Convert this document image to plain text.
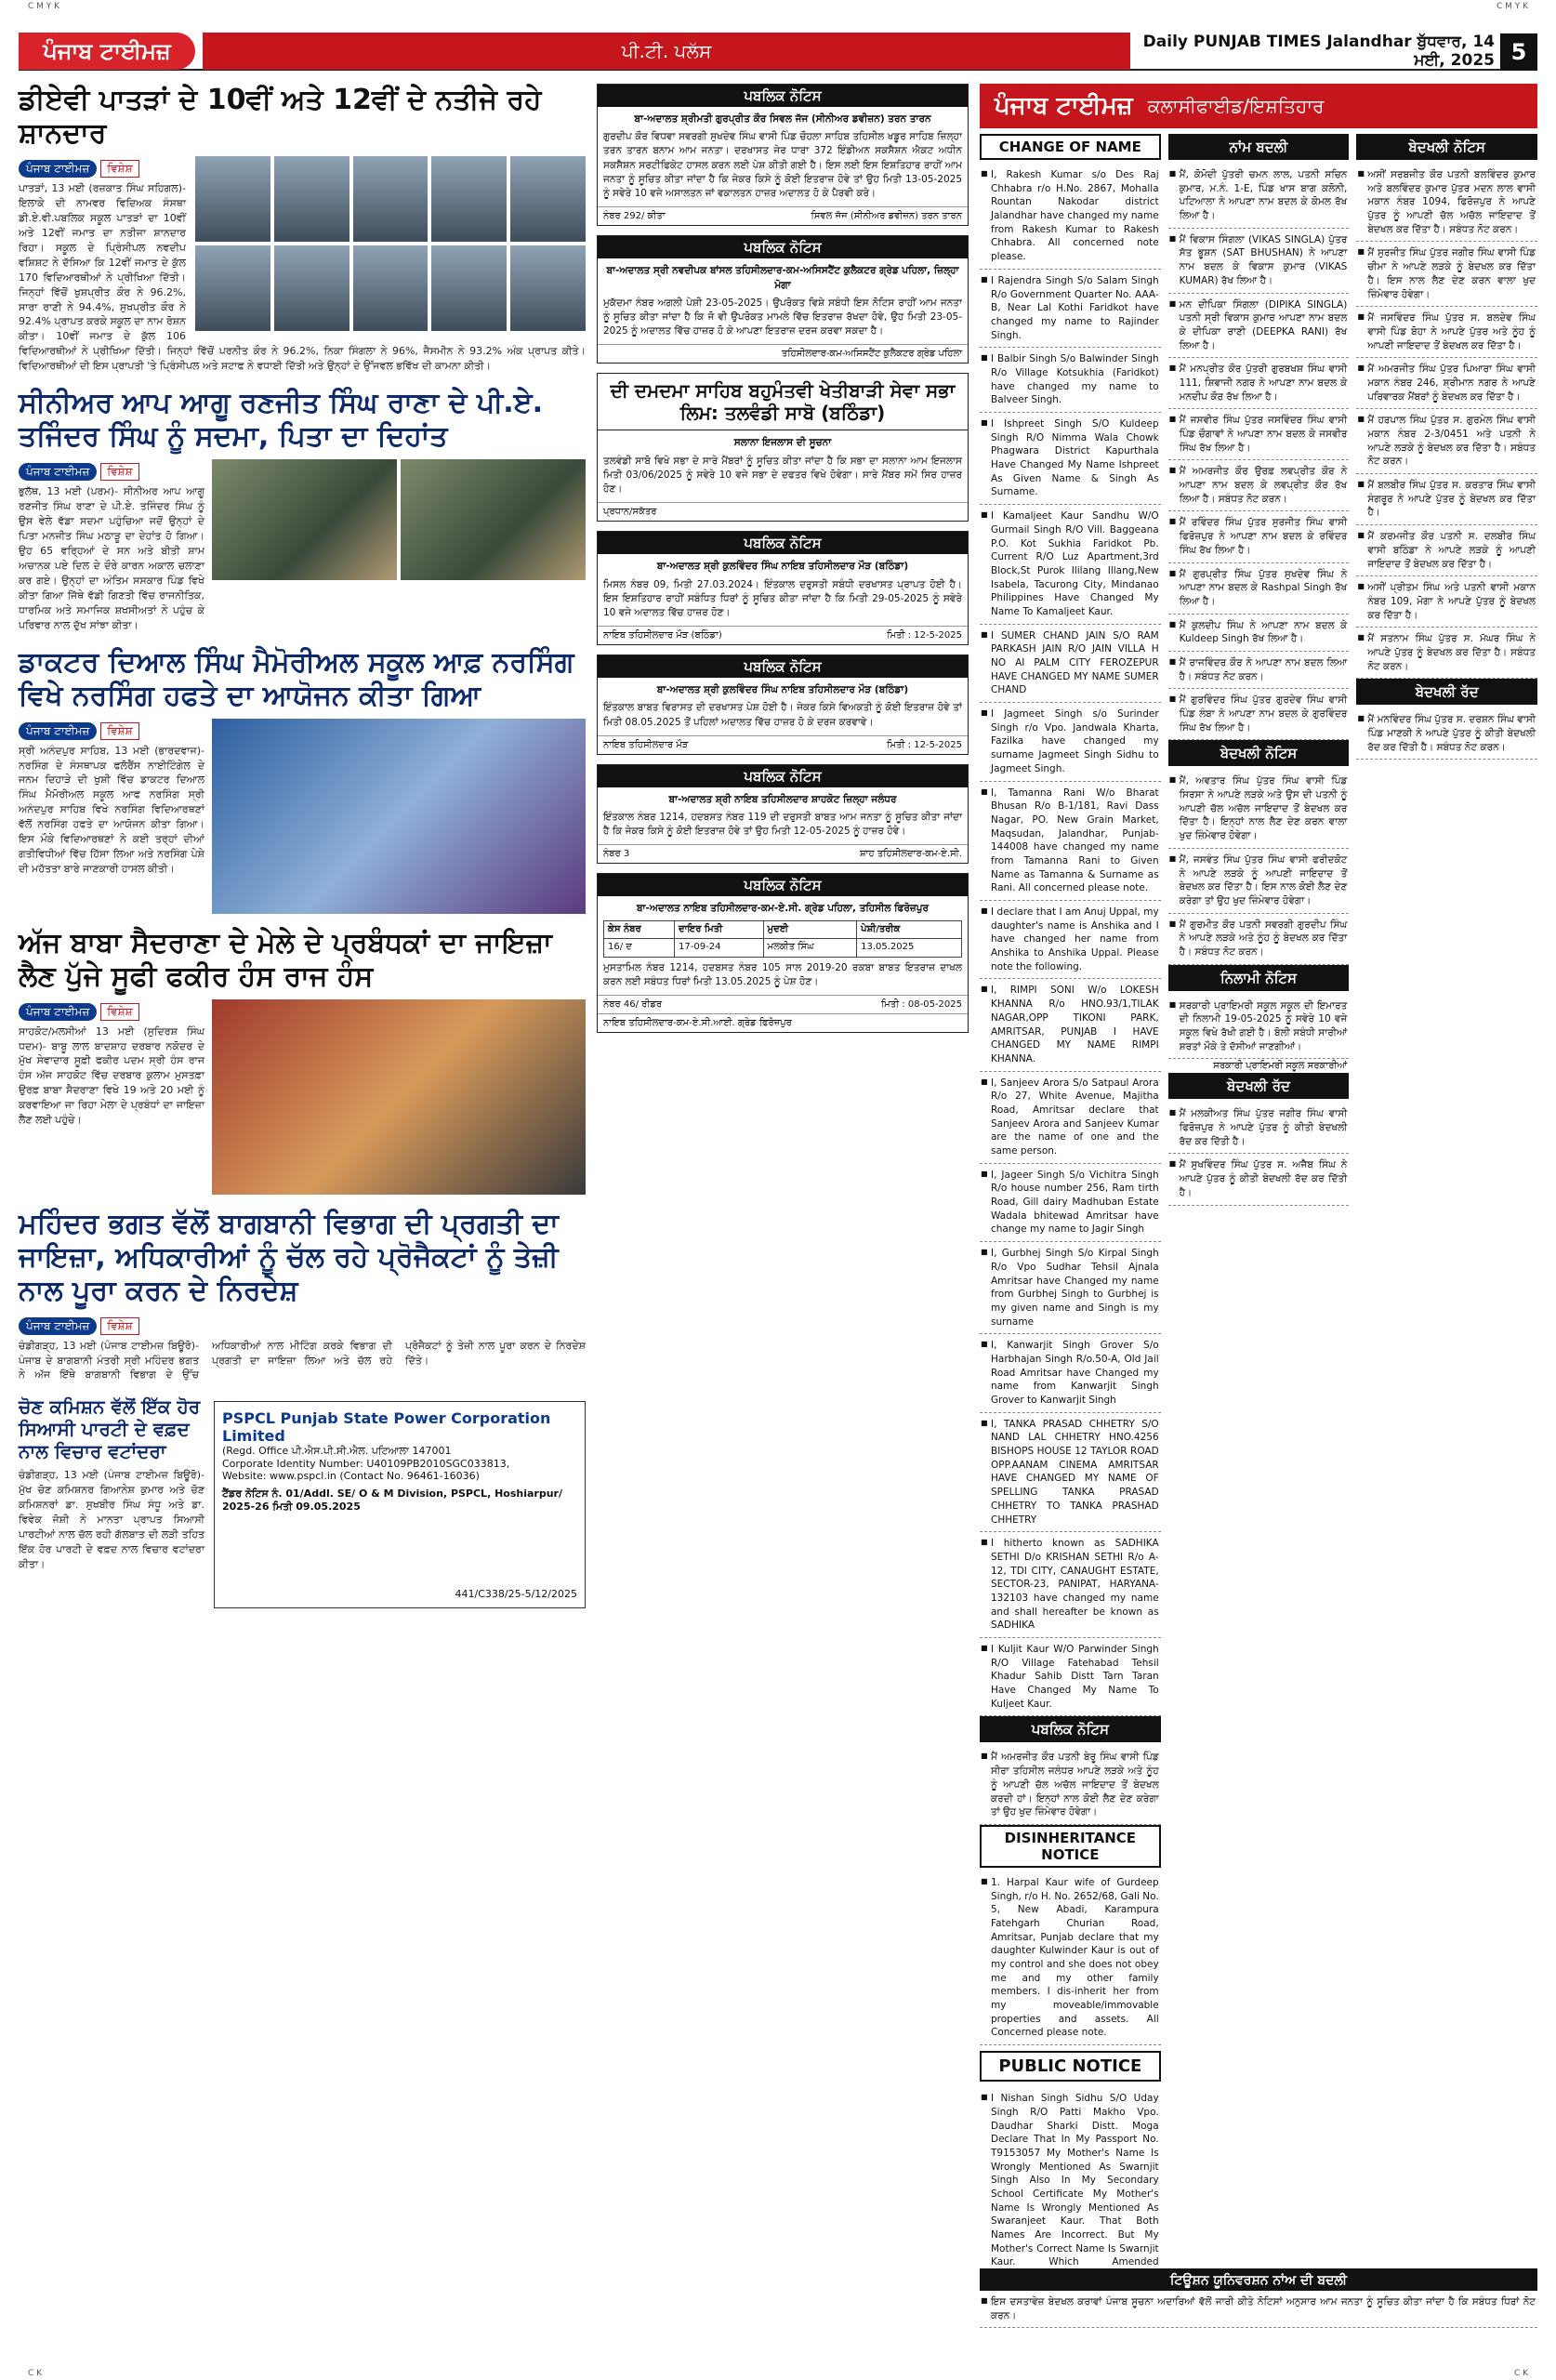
C M Y K	C M Y K
ਪੰਜਾਬ ਟਾਈਮਜ਼	ਪੀ.ਟੀ. ਪਲੱਸ	Daily PUNJAB TIMES Jalandhar ਬੁੱਧਵਾਰ, 14 ਮਈ, 2025 5
ਡੀਏਵੀ ਪਾਤੜਾਂ ਦੇ 10ਵੀਂ ਅਤੇ 12ਵੀਂ ਦੇ ਨਤੀਜੇ ਰਹੇ ਸ਼ਾਨਦਾਰ
ਪੰਜਾਬ ਟਾਈਮਜ਼	ਵਿਸ਼ੇਸ਼
ਪਾਤੜਾਂ, 13 ਮਈ (ਰਜ਼ਕਾਤ ਸਿੰਘ ਸਹਿਗਲ)- ਇਲਾਕੇ ਦੀ ਨਾਮਵਰ ਵਿਦਿਅਕ ਸੰਸਥਾ ਡੀ.ਏ.ਵੀ.ਪਬਲਿਕ ਸਕੂਲ ਪਾਤੜਾਂ ਦਾ 10ਵੀਂ ਅਤੇ 12ਵੀਂ ਜਮਾਤ ਦਾ ਨਤੀਜਾ ਸ਼ਾਨਦਾਰ ਰਿਹਾ। ਸਕੂਲ ਦੇ ਪ੍ਰਿੰਸੀਪਲ ਨਵਦੀਪ ਵਸ਼ਿਸ਼ਟ ਨੇ ਦੱਸਿਆ ਕਿ 12ਵੀਂ ਜਮਾਤ ਦੇ ਕੁੱਲ 170 ਵਿਦਿਆਰਥੀਆਂ ਨੇ ਪ੍ਰੀਖਿਆ ਦਿੱਤੀ। ਜਿਨ੍ਹਾਂ ਵਿੱਚੋਂ ਖੁਸ਼ਪ੍ਰੀਤ ਕੌਰ ਨੇ 96.2%, ਸਾਰਾ ਰਾਣੀ ਨੇ 94.4%, ਸੁਖਪ੍ਰੀਤ ਕੌਰ ਨੇ 92.4% ਪ੍ਰਾਪਤ ਕਰਕੇ ਸਕੂਲ ਦਾ ਨਾਮ ਰੋਸ਼ਨ ਕੀਤਾ। 10ਵੀਂ ਜਮਾਤ ਦੇ ਕੁੱਲ 106 ਵਿਦਿਆਰਥੀਆਂ ਨੇ ਪ੍ਰੀਖਿਆ ਦਿੱਤੀ। ਜਿਨ੍ਹਾਂ ਵਿੱਚੋਂ ਪਰਨੀਤ ਕੌਰ ਨੇ 96.2%, ਨਿਕਾ ਸਿੰਗਲਾ ਨੇ 96%, ਜੈਸਮੀਨ ਨੇ 93.2% ਅੰਕ ਪ੍ਰਾਪਤ ਕੀਤੇ। ਵਿਦਿਆਰਥੀਆਂ ਦੀ ਇਸ ਪ੍ਰਾਪਤੀ 'ਤੇ ਪ੍ਰਿੰਸੀਪਲ ਅਤੇ ਸਟਾਫ ਨੇ ਵਧਾਈ ਦਿੱਤੀ ਅਤੇ ਉਨ੍ਹਾਂ ਦੇ ਉੱਜਵਲ ਭਵਿੱਖ ਦੀ ਕਾਮਨਾ ਕੀਤੀ।
ਸੀਨੀਅਰ ਆਪ ਆਗੂ ਰਣਜੀਤ ਸਿੰਘ ਰਾਣਾ ਦੇ ਪੀ.ਏ. ਤਜਿੰਦਰ ਸਿੰਘ ਨੂੰ ਸਦਮਾ, ਪਿਤਾ ਦਾ ਦਿਹਾਂਤ
ਪੰਜਾਬ ਟਾਈਮਜ਼	ਵਿਸ਼ੇਸ਼
ਭੁਲੱਥ, 13 ਮਈ (ਪਰਮ)- ਸੀਨੀਅਰ ਆਪ ਆਗੂ ਰਣਜੀਤ ਸਿੰਘ ਰਾਣਾ ਦੇ ਪੀ.ਏ. ਤਜਿੰਦਰ ਸਿੰਘ ਨੂੰ ਉਸ ਵੇਲੇ ਵੱਡਾ ਸਦਮਾ ਪਹੁੰਚਿਆ ਜਦੋਂ ਉਨ੍ਹਾਂ ਦੇ ਪਿਤਾ ਮਨਜੀਤ ਸਿੰਘ ਮਠਾੜੂ ਦਾ ਦੇਹਾਂਤ ਹੋ ਗਿਆ। ਉਹ 65 ਵਰ੍ਹਿਆਂ ਦੇ ਸਨ ਅਤੇ ਬੀਤੀ ਸ਼ਾਮ ਅਚਾਨਕ ਪਏ ਦਿਲ ਦੇ ਦੌਰੇ ਕਾਰਨ ਅਕਾਲ ਚਲਾਣਾ ਕਰ ਗਏ। ਉਨ੍ਹਾਂ ਦਾ ਅੰਤਿਮ ਸਸਕਾਰ ਪਿੰਡ ਵਿਖੇ ਕੀਤਾ ਗਿਆ ਜਿੱਥੇ ਵੱਡੀ ਗਿਣਤੀ ਵਿੱਚ ਰਾਜਨੀਤਿਕ, ਧਾਰਮਿਕ ਅਤੇ ਸਮਾਜਿਕ ਸ਼ਖਸੀਅਤਾਂ ਨੇ ਪਹੁੰਚ ਕੇ ਪਰਿਵਾਰ ਨਾਲ ਦੁੱਖ ਸਾਂਝਾ ਕੀਤਾ।
ਡਾਕਟਰ ਦਿਆਲ ਸਿੰਘ ਮੈਮੋਰੀਅਲ ਸਕੂਲ ਆਫ਼ ਨਰਸਿੰਗ ਵਿਖੇ ਨਰਸਿੰਗ ਹਫਤੇ ਦਾ ਆਯੋਜਨ ਕੀਤਾ ਗਿਆ
ਪੰਜਾਬ ਟਾਈਮਜ਼	ਵਿਸ਼ੇਸ਼
ਸ੍ਰੀ ਅਨੰਦਪੁਰ ਸਾਹਿਬ, 13 ਮਈ (ਭਾਰਦਵਾਜ)- ਨਰਸਿੰਗ ਦੇ ਸੰਸਥਾਪਕ ਫਲੋਰੈਂਸ ਨਾਈਟਿੰਗੇਲ ਦੇ ਜਨਮ ਦਿਹਾੜੇ ਦੀ ਖੁਸ਼ੀ ਵਿੱਚ ਡਾਕਟਰ ਦਿਆਲ ਸਿੰਘ ਮੈਮੋਰੀਅਲ ਸਕੂਲ ਆਫ ਨਰਸਿੰਗ ਸ੍ਰੀ ਅਨੰਦਪੁਰ ਸਾਹਿਬ ਵਿਖੇ ਨਰਸਿੰਗ ਵਿਦਿਆਰਥਣਾਂ ਵੱਲੋਂ ਨਰਸਿੰਗ ਹਫਤੇ ਦਾ ਆਯੋਜਨ ਕੀਤਾ ਗਿਆ। ਇਸ ਮੌਕੇ ਵਿਦਿਆਰਥਣਾਂ ਨੇ ਕਈ ਤਰ੍ਹਾਂ ਦੀਆਂ ਗਤੀਵਿਧੀਆਂ ਵਿੱਚ ਹਿੱਸਾ ਲਿਆ ਅਤੇ ਨਰਸਿੰਗ ਪੇਸ਼ੇ ਦੀ ਮਹੱਤਤਾ ਬਾਰੇ ਜਾਣਕਾਰੀ ਹਾਸਲ ਕੀਤੀ।
ਅੱਜ ਬਾਬਾ ਸੈਦਰਾਣਾ ਦੇ ਮੇਲੇ ਦੇ ਪ੍ਰਬੰਧਕਾਂ ਦਾ ਜਾਇਜ਼ਾ ਲੈਣ ਪੁੱਜੇ ਸੂਫੀ ਫਕੀਰ ਹੰਸ ਰਾਜ ਹੰਸ
ਪੰਜਾਬ ਟਾਈਮਜ਼	ਵਿਸ਼ੇਸ਼
ਸਾਹਕੋਟ/ਮਲਸੀਆਂ 13 ਮਈ (ਸੁਦਿਰਸ਼ ਸਿੰਘ ਧਦਮ)- ਬਾਬੂ ਲਾਲ ਬਾਦਸ਼ਾਹ ਦਰਬਾਰ ਨਕੋਦਰ ਦੇ ਮੁੱਖ ਸੇਵਾਦਾਰ ਸੂਫ਼ੀ ਫਕੀਰ ਪਦਮ ਸ੍ਰੀ ਹੰਸ ਰਾਜ ਹੰਸ ਅੱਜ ਸਾਹਕੋਟ ਵਿੱਚ ਦਰਬਾਰ ਕੁਲਾਮ ਮੁਸਤਫ਼ਾ ਉਰਫ਼ ਬਾਬਾ ਸੈਦਰਾਣਾ ਵਿਖੇ 19 ਅਤੇ 20 ਮਈ ਨੂੰ ਕਰਵਾਇਆ ਜਾ ਰਿਹਾ ਮੇਲਾ ਦੇ ਪ੍ਰਬੰਧਾਂ ਦਾ ਜਾਇਜ਼ਾ ਲੈਣ ਲਈ ਪਹੁੰਚੇ।
ਮਹਿੰਦਰ ਭਗਤ ਵੱਲੋਂ ਬਾਗਬਾਨੀ ਵਿਭਾਗ ਦੀ ਪ੍ਰਗਤੀ ਦਾ ਜਾਇਜ਼ਾ, ਅਧਿਕਾਰੀਆਂ ਨੂੰ ਚੱਲ ਰਹੇ ਪ੍ਰੋਜੈਕਟਾਂ ਨੂੰ ਤੇਜ਼ੀ ਨਾਲ ਪੂਰਾ ਕਰਨ ਦੇ ਨਿਰਦੇਸ਼
ਪੰਜਾਬ ਟਾਈਮਜ਼	ਵਿਸ਼ੇਸ਼
ਚੰਡੀਗੜ੍ਹ, 13 ਮਈ (ਪੰਜਾਬ ਟਾਈਮਜ਼ ਬਿਊਰੋ)- ਪੰਜਾਬ ਦੇ ਬਾਗਬਾਨੀ ਮੰਤਰੀ ਸ੍ਰੀ ਮਹਿੰਦਰ ਭਗਤ ਨੇ ਅੱਜ ਇੱਥੇ ਬਾਗਬਾਨੀ ਵਿਭਾਗ ਦੇ ਉੱਚ ਅਧਿਕਾਰੀਆਂ ਨਾਲ ਮੀਟਿੰਗ ਕਰਕੇ ਵਿਭਾਗ ਦੀ ਪ੍ਰਗਤੀ ਦਾ ਜਾਇਜ਼ਾ ਲਿਆ ਅਤੇ ਚੱਲ ਰਹੇ ਪ੍ਰੋਜੈਕਟਾਂ ਨੂੰ ਤੇਜ਼ੀ ਨਾਲ ਪੂਰਾ ਕਰਨ ਦੇ ਨਿਰਦੇਸ਼ ਦਿੱਤੇ।
ਚੋਣ ਕਮਿਸ਼ਨ ਵੱਲੋਂ ਇੱਕ ਹੋਰ ਸਿਆਸੀ ਪਾਰਟੀ ਦੇ ਵਫ਼ਦ ਨਾਲ ਵਿਚਾਰ ਵਟਾਂਦਰਾ
ਚੰਡੀਗੜ੍ਹ, 13 ਮਈ (ਪੰਜਾਬ ਟਾਈਮਜ਼ ਬਿਊਰੋ)- ਮੁੱਖ ਚੋਣ ਕਮਿਸ਼ਨਰ ਗਿਆਨੇਸ਼ ਕੁਮਾਰ ਅਤੇ ਚੋਣ ਕਮਿਸ਼ਨਰਾਂ ਡਾ. ਸੁਖਬੀਰ ਸਿੰਘ ਸੰਧੂ ਅਤੇ ਡਾ. ਵਿਵੇਕ ਜੋਸ਼ੀ ਨੇ ਮਾਨਤਾ ਪ੍ਰਾਪਤ ਸਿਆਸੀ ਪਾਰਟੀਆਂ ਨਾਲ ਚੱਲ ਰਹੀ ਗੱਲਬਾਤ ਦੀ ਲੜੀ ਤਹਿਤ ਇੱਕ ਹੋਰ ਪਾਰਟੀ ਦੇ ਵਫ਼ਦ ਨਾਲ ਵਿਚਾਰ ਵਟਾਂਦਰਾ ਕੀਤਾ।
PSPCL Punjab State Power Corporation Limited
(Regd. Office ਪੀ.ਐਸ.ਪੀ.ਸੀ.ਐਲ. ਪਟਿਆਲਾ 147001
Corporate Identity Number: U40109PB2010SGC033813,
Website: www.pspcl.in (Contact No. 96461-16036)
ਟੈਂਡਰ ਨੋਟਿਸ ਨੰ. 01/Addl. SE/ O & M Division, PSPCL, Hoshiarpur/ 2025-26 ਮਿਤੀ 09.05.2025
441/C338/25-5/12/2025
ਪਬਲਿਕ ਨੋਟਿਸ
ਬਾ-ਅਦਾਲਤ ਸ਼੍ਰੀਮਤੀ ਗੁਰਪ੍ਰੀਤ ਕੌਰ ਸਿਵਲ ਜੱਜ (ਸੀਨੀਅਰ ਡਵੀਜ਼ਨ) ਤਰਨ ਤਾਰਨ
ਗੁਰਦੀਪ ਕੌਰ ਵਿਧਵਾ ਸਵਰਗੀ ਸੁਖਦੇਵ ਸਿੰਘ ਵਾਸੀ ਪਿੰਡ ਚੌਹਲਾ ਸਾਹਿਬ ਤਹਿਸੀਲ ਖਡੂਰ ਸਾਹਿਬ ਜ਼ਿਲ੍ਹਾ ਤਰਨ ਤਾਰਨ ਬਨਾਮ ਆਮ ਜਨਤਾ। ਦਰਖਾਸਤ ਜੇਰ ਧਾਰਾ 372 ਇੰਡੀਅਨ ਸਕਸੈਸ਼ਨ ਐਕਟ ਅਧੀਨ ਸਕਸੈਸ਼ਨ ਸਰਟੀਫਿਕੇਟ ਹਾਸਲ ਕਰਨ ਲਈ ਪੇਸ਼ ਕੀਤੀ ਗਈ ਹੈ। ਇਸ ਲਈ ਇਸ ਇਸ਼ਤਿਹਾਰ ਰਾਹੀਂ ਆਮ ਜਨਤਾ ਨੂੰ ਸੂਚਿਤ ਕੀਤਾ ਜਾਂਦਾ ਹੈ ਕਿ ਜੇਕਰ ਕਿਸੇ ਨੂੰ ਕੋਈ ਇਤਰਾਜ਼ ਹੋਵੇ ਤਾਂ ਉਹ ਮਿਤੀ 13-05-2025 ਨੂੰ ਸਵੇਰੇ 10 ਵਜੇ ਅਸਾਲਤਨ ਜਾਂ ਵਕਾਲਤਨ ਹਾਜ਼ਰ ਅਦਾਲਤ ਹੋ ਕੇ ਪੈਰਵੀ ਕਰੇ।
ਨੰਬਰ 292/ ਕੀਤਾ	ਸਿਵਲ ਜੱਜ (ਸੀਨੀਅਰ ਡਵੀਜ਼ਨ) ਤਰਨ ਤਾਰਨ
ਪਬਲਿਕ ਨੋਟਿਸ
ਬਾ-ਅਦਾਲਤ ਸ੍ਰੀ ਨਵਦੀਪਕ ਬਾਂਸਲ ਤਹਿਸੀਲਦਾਰ-ਕਮ-ਅਸਿਸਟੈਂਟ ਕੁਲੈਕਟਰ ਗ੍ਰੇਡ ਪਹਿਲਾ, ਜ਼ਿਲ੍ਹਾ ਮੋਗਾ
ਮੁਕੱਦਮਾ ਨੰਬਰ ਅਗਲੀ ਪੇਸ਼ੀ 23-05-2025। ਉਪਰੋਕਤ ਵਿਸ਼ੇ ਸਬੰਧੀ ਇਸ ਨੋਟਿਸ ਰਾਹੀਂ ਆਮ ਜਨਤਾ ਨੂੰ ਸੂਚਿਤ ਕੀਤਾ ਜਾਂਦਾ ਹੈ ਕਿ ਜੋ ਵੀ ਉਪਰੋਕਤ ਮਾਮਲੇ ਵਿੱਚ ਇਤਰਾਜ਼ ਰੱਖਦਾ ਹੋਵੇ, ਉਹ ਮਿਤੀ 23-05-2025 ਨੂੰ ਅਦਾਲਤ ਵਿੱਚ ਹਾਜ਼ਰ ਹੋ ਕੇ ਆਪਣਾ ਇਤਰਾਜ਼ ਦਰਜ ਕਰਵਾ ਸਕਦਾ ਹੈ।
ਤਹਿਸੀਲਦਾਰ-ਕਮ-ਅਸਿਸਟੈਂਟ ਕੁਲੈਕਟਰ ਗ੍ਰੇਡ ਪਹਿਲਾ
ਦੀ ਦਮਦਮਾ ਸਾਹਿਬ ਬਹੁਮੰਤਵੀ ਖੇਤੀਬਾੜੀ ਸੇਵਾ ਸਭਾ ਲਿਮ: ਤਲਵੰਡੀ ਸਾਬੋ (ਬਠਿੰਡਾ)
ਸਲਾਨਾ ਇਜਲਾਸ ਦੀ ਸੂਚਨਾ
ਤਲਵੰਡੀ ਸਾਬੋ ਵਿਖੇ ਸਭਾ ਦੇ ਸਾਰੇ ਮੈਂਬਰਾਂ ਨੂੰ ਸੂਚਿਤ ਕੀਤਾ ਜਾਂਦਾ ਹੈ ਕਿ ਸਭਾ ਦਾ ਸਲਾਨਾ ਆਮ ਇਜਲਾਸ ਮਿਤੀ 03/06/2025 ਨੂੰ ਸਵੇਰੇ 10 ਵਜੇ ਸਭਾ ਦੇ ਦਫਤਰ ਵਿਖੇ ਹੋਵੇਗਾ। ਸਾਰੇ ਮੈਂਬਰ ਸਮੇਂ ਸਿਰ ਹਾਜ਼ਰ ਹੋਣ।
ਪ੍ਰਧਾਨ/ਸਕੱਤਰ
ਪਬਲਿਕ ਨੋਟਿਸ
ਬਾ-ਅਦਾਲਤ ਸ਼੍ਰੀ ਕੁਲਵਿੰਦਰ ਸਿੰਘ ਨਾਇਬ ਤਹਿਸੀਲਦਾਰ ਮੌੜ (ਬਠਿੰਡਾ)
ਮਿਸਲ ਨੰਬਰ 09, ਮਿਤੀ 27.03.2024। ਇੰਤਕਾਲ ਦਰੁਸਤੀ ਸਬੰਧੀ ਦਰਖਾਸਤ ਪ੍ਰਾਪਤ ਹੋਈ ਹੈ। ਇਸ ਇਸ਼ਤਿਹਾਰ ਰਾਹੀਂ ਸਬੰਧਿਤ ਧਿਰਾਂ ਨੂੰ ਸੂਚਿਤ ਕੀਤਾ ਜਾਂਦਾ ਹੈ ਕਿ ਮਿਤੀ 29-05-2025 ਨੂੰ ਸਵੇਰੇ 10 ਵਜੇ ਅਦਾਲਤ ਵਿੱਚ ਹਾਜ਼ਰ ਹੋਣ।
ਨਾਇਬ ਤਹਿਸੀਲਦਾਰ ਮੌੜ (ਬਠਿੰਡਾ)	ਮਿਤੀ : 12-5-2025
ਪਬਲਿਕ ਨੋਟਿਸ
ਬਾ-ਅਦਾਲਤ ਸ਼੍ਰੀ ਕੁਲਵਿੰਦਰ ਸਿੰਘ ਨਾਇਬ ਤਹਿਸੀਲਦਾਰ ਮੌੜ (ਬਠਿੰਡਾ)
ਇੰਤਕਾਲ ਬਾਬਤ ਵਿਰਾਸਤ ਦੀ ਦਰਖਾਸਤ ਪੇਸ਼ ਹੋਈ ਹੈ। ਜੇਕਰ ਕਿਸੇ ਵਿਅਕਤੀ ਨੂੰ ਕੋਈ ਇਤਰਾਜ਼ ਹੋਵੇ ਤਾਂ ਮਿਤੀ 08.05.2025 ਤੋਂ ਪਹਿਲਾਂ ਅਦਾਲਤ ਵਿੱਚ ਹਾਜ਼ਰ ਹੋ ਕੇ ਦਰਜ ਕਰਵਾਵੇ।
ਨਾਇਬ ਤਹਿਸੀਲਦਾਰ ਮੌੜ	ਮਿਤੀ : 12-5-2025
ਪਬਲਿਕ ਨੋਟਿਸ
ਬਾ-ਅਦਾਲਤ ਸ਼੍ਰੀ ਨਾਇਬ ਤਹਿਸੀਲਦਾਰ ਸ਼ਾਹਕੋਟ ਜ਼ਿਲ੍ਹਾ ਜਲੰਧਰ
ਇੰਤਕਾਲ ਨੰਬਰ 1214, ਹਦਬਸਤ ਨੰਬਰ 119 ਦੀ ਦਰੁਸਤੀ ਬਾਬਤ ਆਮ ਜਨਤਾ ਨੂੰ ਸੂਚਿਤ ਕੀਤਾ ਜਾਂਦਾ ਹੈ ਕਿ ਜੇਕਰ ਕਿਸੇ ਨੂੰ ਕੋਈ ਇਤਰਾਜ਼ ਹੋਵੇ ਤਾਂ ਉਹ ਮਿਤੀ 12-05-2025 ਨੂੰ ਹਾਜ਼ਰ ਹੋਵੇ।
ਨੰਬਰ 3	ਸ਼ਾਹ ਤਹਿਸੀਲਦਾਰ-ਕਮ-ਏ.ਸੀ.
ਪਬਲਿਕ ਨੋਟਿਸ
ਬਾ-ਅਦਾਲਤ ਨਾਇਬ ਤਹਿਸੀਲਦਾਰ-ਕਮ-ਏ.ਸੀ. ਗ੍ਰੇਡ ਪਹਿਲਾ, ਤਹਿਸੀਲ ਫਿਰੋਜ਼ਪੁਰ
ਕੇਸ ਨੰਬਰ	ਦਾਇਰ ਮਿਤੀ	ਮੁਦਈ	ਪੇਸ਼ੀ/ਤਰੀਕ
16/ ਦ	17-09-24	ਮਲਕੀਤ ਸਿੰਘ	13.05.2025
ਮੁਸਤਾਮਿਲ ਨੰਬਰ 1214, ਹਦਬਸਤ ਨੰਬਰ 105 ਸਾਲ 2019-20 ਰਕਬਾ ਬਾਬਤ ਇਤਰਾਜ਼ ਦਾਖਲ ਕਰਨ ਲਈ ਸਬੰਧਤ ਧਿਰਾਂ ਮਿਤੀ 13.05.2025 ਨੂੰ ਪੇਸ਼ ਹੋਣ।
ਨੰਬਰ 46/ ਰੀਡਰ	ਮਿਤੀ : 08-05-2025
ਨਾਇਬ ਤਹਿਸੀਲਦਾਰ-ਕਮ-ਏ.ਸੀ.ਆਈ. ਗ੍ਰੇਡ ਫਿਰੋਜ਼ਪੁਰ
ਪੰਜਾਬ ਟਾਈਮਜ਼ ਕਲਾਸੀਫਾਈਡ/ਇਸ਼ਤਿਹਾਰ
CHANGE OF NAME
■ I, Rakesh Kumar s/o Des Raj Chhabra r/o H.No. 2867, Mohalla Rountan Nakodar district Jalandhar have changed my name from Rakesh Kumar to Rakesh Chhabra. All concerned note please.
■ I Rajendra Singh S/o Salam Singh R/o Government Quarter No. AAA-B, Near Lal Kothi Faridkot have changed my name to Rajinder Singh.
■ I Balbir Singh S/o Balwinder Singh R/o Village Kotsukhia (Faridkot) have changed my name to Balveer Singh.
■ I Ishpreet Singh S/O Kuldeep Singh R/O Nimma Wala Chowk Phagwara District Kapurthala Have Changed My Name Ishpreet As Given Name & Singh As Surname.
■ I Kamaljeet Kaur Sandhu W/O Gurmail Singh R/O Vill. Baggeana P.O. Kot Sukhia Faridkot Pb. Current R/O Luz Apartment,3rd Block,St Purok Ililang Illang,New Isabela, Tacurong City, Mindanao Philippines Have Changed My Name To Kamaljeet Kaur.
■ I SUMER CHAND JAIN S/O RAM PARKASH JAIN R/O JAIN VILLA H NO AI PALM CITY FEROZEPUR HAVE CHANGED MY NAME SUMER CHAND
■ I Jagmeet Singh s/o Surinder Singh r/o Vpo. Jandwala Kharta, Fazilka have changed my surname Jagmeet Singh Sidhu to Jagmeet Singh.
■ I, Tamanna Rani W/o Bharat Bhusan R/o B-1/181, Ravi Dass Nagar, PO. New Grain Market, Maqsudan, Jalandhar, Punjab-144008 have changed my name from Tamanna Rani to Given Name as Tamanna & Surname as Rani. All concerned please note.
■ I declare that I am Anuj Uppal, my daughter's name is Anshika and I have changed her name from Anshika to Anshika Uppal. Please note the following.
■ I, RIMPI SONI W/o LOKESH KHANNA R/o HNO.93/1,TILAK NAGAR,OPP TIKONI PARK, AMRITSAR, PUNJAB I HAVE CHANGED MY NAME RIMPI KHANNA.
■ I, Sanjeev Arora S/o Satpaul Arora R/o 27, White Avenue, Majitha Road, Amritsar declare that Sanjeev Arora and Sanjeev Kumar are the name of one and the same person.
■ I, Jageer Singh S/o Vichitra Singh R/o house number 256, Ram tirth Road, Gill dairy Madhuban Estate Wadala bhitewad Amritsar have change my name to Jagir Singh
■ I, Gurbhej Singh S/o Kirpal Singh R/o Vpo Sudhar Tehsil Ajnala Amritsar have Changed my name from Gurbhej Singh to Gurbhej is my given name and Singh is my surname
■ I, Kanwarjit Singh Grover S/o Harbhajan Singh R/o.50-A, Old Jail Road Amritsar have Changed my name from Kanwarjit Singh Grover to Kanwarjit Singh
■ I, TANKA PRASAD CHHETRY S/O NAND LAL CHHETRY HNO.4256 BISHOPS HOUSE 12 TAYLOR ROAD OPP.AANAM CINEMA AMRITSAR HAVE CHANGED MY NAME OF SPELLING TANKA PRASAD CHHETRY TO TANKA PRASHAD CHHETRY
■ I hitherto known as SADHIKA SETHI D/o KRISHAN SETHI R/o A-12, TDI CITY, CANAUGHT ESTATE, SECTOR-23, PANIPAT, HARYANA-132103 have changed my name and shall hereafter be known as SADHIKA
■ I Kuljit Kaur W/O Parwinder Singh R/O Village Fatehabad Tehsil Khadur Sahib Distt Tarn Taran Have Changed My Name To Kuljeet Kaur.
ਪਬਲਿਕ ਨੋਟਿਸ
■ ਮੈਂ ਅਮਰਜੀਤ ਕੌਰ ਪਤਨੀ ਬੇਰੂ ਸਿੰਘ ਵਾਸੀ ਪਿੰਡ ਸੀਰਾ ਤਹਿਸੀਲ ਜਲੰਧਰ ਆਪਣੇ ਲੜਕੇ ਅਤੇ ਨੂੰਹ ਨੂੰ ਆਪਣੀ ਚੱਲ ਅਚੱਲ ਜਾਇਦਾਦ ਤੋਂ ਬੇਦਖਲ ਕਰਦੀ ਹਾਂ। ਇਨ੍ਹਾਂ ਨਾਲ ਕੋਈ ਲੈਣ ਦੇਣ ਕਰੇਗਾ ਤਾਂ ਉਹ ਖੁਦ ਜ਼ਿੰਮੇਵਾਰ ਹੋਵੇਗਾ।
DISINHERITANCE NOTICE
■ 1. Harpal Kaur wife of Gurdeep Singh, r/o H. No. 2652/68, Gali No. 5, New Abadi, Karampura Fatehgarh Churian Road, Amritsar, Punjab declare that my daughter Kulwinder Kaur is out of my control and she does not obey me and my other family members. I dis-inherit her from my moveable/immovable properties and assets. All Concerned please note.
PUBLIC NOTICE
■ I Nishan Singh Sidhu S/O Uday Singh R/O Patti Makho Vpo. Daudhar Sharki Distt. Moga Declare That In My Passport No. T9153057 My Mother's Name Is Wrongly Mentioned As Swarnjit Singh Also In My Secondary School Certificate My Mother's Name Is Wrongly Mentioned As Swaranjeet Kaur. That Both Names Are Incorrect. But My Mother's Correct Name Is Swarnjit Kaur. Which Amended
ਨਾਂਮ ਬਦਲੀ
■ ਮੈਂ, ਕੋਮੋਦੀ ਪੁੱਤਰੀ ਚਮਨ ਲਾਲ, ਪਤਨੀ ਸਚਿਨ ਕੁਮਾਰ, ਮ.ਨੰ. 1-E, ਪਿੰਡ ਖਾਸ ਬਾਗ ਕਲੋਨੀ, ਪਟਿਆਲਾ ਨੇ ਆਪਣਾ ਨਾਮ ਬਦਲ ਕੇ ਕੋਮਲ ਰੱਖ ਲਿਆ ਹੈ।
■ ਮੈਂ ਵਿਕਾਸ ਸਿੰਗਲਾ (VIKAS SINGLA) ਪੁੱਤਰ ਸੱਤ ਭੂਸ਼ਨ (SAT BHUSHAN) ਨੇ ਆਪਣਾ ਨਾਮ ਬਦਲ ਕੇ ਵਿਕਾਸ ਕੁਮਾਰ (VIKAS KUMAR) ਰੱਖ ਲਿਆ ਹੈ।
■ ਮਨ ਦੀਪਿਕਾ ਸਿੰਗਲਾ (DIPIKA SINGLA) ਪਤਨੀ ਸ੍ਰੀ ਵਿਕਾਸ ਕੁਮਾਰ ਆਪਣਾ ਨਾਮ ਬਦਲ ਕੇ ਦੀਪਿਕਾ ਰਾਣੀ (DEEPKA RANI) ਰੱਖ ਲਿਆ ਹੈ।
■ ਮੈਂ ਮਨਪ੍ਰੀਤ ਕੌਰ ਪੁੱਤਰੀ ਗੁਰਬਖਸ਼ ਸਿੰਘ ਵਾਸੀ 111, ਸ਼ਿਵਾਜੀ ਨਗਰ ਨੇ ਆਪਣਾ ਨਾਮ ਬਦਲ ਕੇ ਮਨਦੀਪ ਕੌਰ ਰੱਖ ਲਿਆ ਹੈ।
■ ਮੈਂ ਜਸਵੀਰ ਸਿੰਘ ਪੁੱਤਰ ਜਸਵਿੰਦਰ ਸਿੰਘ ਵਾਸੀ ਪਿੰਡ ਚੌਗਾਵਾਂ ਨੇ ਆਪਣਾ ਨਾਮ ਬਦਲ ਕੇ ਜਸਵੀਰ ਸਿੰਘ ਰੱਖ ਲਿਆ ਹੈ।
■ ਮੈਂ ਅਮਰਜੀਤ ਕੌਰ ਉਰਫ਼ ਲਵਪ੍ਰੀਤ ਕੌਰ ਨੇ ਆਪਣਾ ਨਾਮ ਬਦਲ ਕੇ ਲਵਪ੍ਰੀਤ ਕੌਰ ਰੱਖ ਲਿਆ ਹੈ। ਸਬੰਧਤ ਨੋਟ ਕਰਨ।
■ ਮੈਂ ਰਵਿੰਦਰ ਸਿੰਘ ਪੁੱਤਰ ਸੁਰਜੀਤ ਸਿੰਘ ਵਾਸੀ ਫਿਰੋਜ਼ਪੁਰ ਨੇ ਆਪਣਾ ਨਾਮ ਬਦਲ ਕੇ ਰਵਿੰਦਰ ਸਿੰਘ ਰੱਖ ਲਿਆ ਹੈ।
■ ਮੈਂ ਗੁਰਪ੍ਰੀਤ ਸਿੰਘ ਪੁੱਤਰ ਸੁਖਦੇਵ ਸਿੰਘ ਨੇ ਆਪਣਾ ਨਾਮ ਬਦਲ ਕੇ Rashpal Singh ਰੱਖ ਲਿਆ ਹੈ।
■ ਮੈਂ ਕੁਲਦੀਪ ਸਿੰਘ ਨੇ ਆਪਣਾ ਨਾਮ ਬਦਲ ਕੇ Kuldeep Singh ਰੱਖ ਲਿਆ ਹੈ।
■ ਮੈਂ ਰਾਜਵਿੰਦਰ ਕੌਰ ਨੇ ਆਪਣਾ ਨਾਮ ਬਦਲ ਲਿਆ ਹੈ। ਸਬੰਧਤ ਨੋਟ ਕਰਨ।
■ ਮੈਂ ਗੁਰਵਿੰਦਰ ਸਿੰਘ ਪੁੱਤਰ ਗੁਰਦੇਵ ਸਿੰਘ ਵਾਸੀ ਪਿੰਡ ਲੰਬਾ ਨੇ ਆਪਣਾ ਨਾਮ ਬਦਲ ਕੇ ਗੁਰਵਿੰਦਰ ਸਿੰਘ ਰੱਖ ਲਿਆ ਹੈ।
ਬੇਦਖਲੀ ਨੋਟਿਸ
■ ਮੈਂ, ਅਵਤਾਰ ਸਿੰਘ ਪੁੱਤਰ ਸਿੰਘ ਵਾਸੀ ਪਿੰਡ ਸਿਰਸਾ ਨੇ ਆਪਣੇ ਲੜਕੇ ਅਤੇ ਉਸ ਦੀ ਪਤਨੀ ਨੂੰ ਆਪਣੀ ਚੱਲ ਅਚੱਲ ਜਾਇਦਾਦ ਤੋਂ ਬੇਦਖਲ ਕਰ ਦਿੱਤਾ ਹੈ। ਇਨ੍ਹਾਂ ਨਾਲ ਲੈਣ ਦੇਣ ਕਰਨ ਵਾਲਾ ਖੁਦ ਜ਼ਿੰਮੇਵਾਰ ਹੋਵੇਗਾ।
■ ਮੈਂ, ਜਸਵੰਤ ਸਿੰਘ ਪੁੱਤਰ ਸਿੰਘ ਵਾਸੀ ਫਰੀਦਕੋਟ ਨੇ ਆਪਣੇ ਲੜਕੇ ਨੂੰ ਆਪਣੀ ਜਾਇਦਾਦ ਤੋਂ ਬੇਦਖਲ ਕਰ ਦਿੱਤਾ ਹੈ। ਇਸ ਨਾਲ ਕੋਈ ਲੈਣ ਦੇਣ ਕਰੇਗਾ ਤਾਂ ਉਹ ਖੁਦ ਜ਼ਿੰਮੇਵਾਰ ਹੋਵੇਗਾ।
■ ਮੈਂ ਗੁਰਮੀਤ ਕੌਰ ਪਤਨੀ ਸਵਰਗੀ ਗੁਰਦੀਪ ਸਿੰਘ ਨੇ ਆਪਣੇ ਲੜਕੇ ਅਤੇ ਨੂੰਹ ਨੂੰ ਬੇਦਖਲ ਕਰ ਦਿੱਤਾ ਹੈ। ਸਬੰਧਤ ਨੋਟ ਕਰਨ।
ਨਿਲਾਮੀ ਨੋਟਿਸ
■ ਸਰਕਾਰੀ ਪ੍ਰਾਇਮਰੀ ਸਕੂਲ ਸਕੂਲ ਦੀ ਇਮਾਰਤ ਦੀ ਨਿਲਾਮੀ 19-05-2025 ਨੂੰ ਸਵੇਰੇ 10 ਵਜੇ ਸਕੂਲ ਵਿਖੇ ਰੱਖੀ ਗਈ ਹੈ। ਬੋਲੀ ਸਬੰਧੀ ਸਾਰੀਆਂ ਸ਼ਰਤਾਂ ਮੌਕੇ ਤੇ ਦੱਸੀਆਂ ਜਾਣਗੀਆਂ।
ਸਰਕਾਰੀ ਪ੍ਰਾਇਮਰੀ ਸਕੂਲ ਸਰਕਾਰੀਆਂ
ਬੇਦਖਲੀ ਰੱਦ
■ ਮੈਂ ਮਲਕੀਅਤ ਸਿੰਘ ਪੁੱਤਰ ਜਗੀਰ ਸਿੰਘ ਵਾਸੀ ਫਿਰੋਜ਼ਪੁਰ ਨੇ ਆਪਣੇ ਪੁੱਤਰ ਨੂੰ ਕੀਤੀ ਬੇਦਖਲੀ ਰੱਦ ਕਰ ਦਿੱਤੀ ਹੈ।
■ ਮੈਂ ਸੁਖਵਿੰਦਰ ਸਿੰਘ ਪੁੱਤਰ ਸ. ਅਜੈਬ ਸਿੰਘ ਨੇ ਆਪਣੇ ਪੁੱਤਰ ਨੂੰ ਕੀਤੀ ਬੇਦਖਲੀ ਰੱਦ ਕਰ ਦਿੱਤੀ ਹੈ।
ਬੇਦਖਲੀ ਨੋਟਿਸ
■ ਅਸੀਂ ਸਰਬਜੀਤ ਕੌਰ ਪਤਨੀ ਬਲਵਿੰਦਰ ਕੁਮਾਰ ਅਤੇ ਬਲਵਿੰਦਰ ਕੁਮਾਰ ਪੁੱਤਰ ਮਦਨ ਲਾਲ ਵਾਸੀ ਮਕਾਨ ਨੰਬਰ 1094, ਫਿਰੋਜ਼ਪੁਰ ਨੇ ਆਪਣੇ ਪੁੱਤਰ ਨੂੰ ਆਪਣੀ ਚੱਲ ਅਚੱਲ ਜਾਇਦਾਦ ਤੋਂ ਬੇਦਖਲ ਕਰ ਦਿੱਤਾ ਹੈ। ਸਬੰਧਤ ਨੋਟ ਕਰਨ।
■ ਮੈਂ ਸੁਰਜੀਤ ਸਿੰਘ ਪੁੱਤਰ ਜਗੀਰ ਸਿੰਘ ਵਾਸੀ ਪਿੰਡ ਚੀਮਾ ਨੇ ਆਪਣੇ ਲੜਕੇ ਨੂੰ ਬੇਦਖਲ ਕਰ ਦਿੱਤਾ ਹੈ। ਇਸ ਨਾਲ ਲੈਣ ਦੇਣ ਕਰਨ ਵਾਲਾ ਖੁਦ ਜ਼ਿੰਮੇਵਾਰ ਹੋਵੇਗਾ।
■ ਮੈਂ ਜਸਵਿੰਦਰ ਸਿੰਘ ਪੁੱਤਰ ਸ. ਬਲਦੇਵ ਸਿੰਘ ਵਾਸੀ ਪਿੰਡ ਬੋਹਾ ਨੇ ਆਪਣੇ ਪੁੱਤਰ ਅਤੇ ਨੂੰਹ ਨੂੰ ਆਪਣੀ ਜਾਇਦਾਦ ਤੋਂ ਬੇਦਖਲ ਕਰ ਦਿੱਤਾ ਹੈ।
■ ਮੈਂ ਅਮਰਜੀਤ ਸਿੰਘ ਪੁੱਤਰ ਪਿਆਰਾ ਸਿੰਘ ਵਾਸੀ ਮਕਾਨ ਨੰਬਰ 246, ਸ਼੍ਰੀਮਾਨ ਨਗਰ ਨੇ ਆਪਣੇ ਪਰਿਵਾਰਕ ਮੈਂਬਰਾਂ ਨੂੰ ਬੇਦਖਲ ਕਰ ਦਿੱਤਾ ਹੈ।
■ ਮੈਂ ਹਰਪਾਲ ਸਿੰਘ ਪੁੱਤਰ ਸ. ਗੁਰਮੇਲ ਸਿੰਘ ਵਾਸੀ ਮਕਾਨ ਨੰਬਰ 2-3/0451 ਅਤੇ ਪਤਨੀ ਨੇ ਆਪਣੇ ਲੜਕੇ ਨੂੰ ਬੇਦਖਲ ਕਰ ਦਿੱਤਾ ਹੈ। ਸਬੰਧਤ ਨੋਟ ਕਰਨ।
■ ਮੈਂ ਬਲਬੀਰ ਸਿੰਘ ਪੁੱਤਰ ਸ. ਕਰਤਾਰ ਸਿੰਘ ਵਾਸੀ ਸੰਗਰੂਰ ਨੇ ਆਪਣੇ ਪੁੱਤਰ ਨੂੰ ਬੇਦਖਲ ਕਰ ਦਿੱਤਾ ਹੈ।
■ ਮੈਂ ਕਰਮਜੀਤ ਕੌਰ ਪਤਨੀ ਸ. ਦਲਬੀਰ ਸਿੰਘ ਵਾਸੀ ਬਠਿੰਡਾ ਨੇ ਆਪਣੇ ਲੜਕੇ ਨੂੰ ਆਪਣੀ ਜਾਇਦਾਦ ਤੋਂ ਬੇਦਖਲ ਕਰ ਦਿੱਤਾ ਹੈ।
■ ਅਸੀਂ ਪ੍ਰੀਤਮ ਸਿੰਘ ਅਤੇ ਪਤਨੀ ਵਾਸੀ ਮਕਾਨ ਨੰਬਰ 109, ਮੋਗਾ ਨੇ ਆਪਣੇ ਪੁੱਤਰ ਨੂੰ ਬੇਦਖਲ ਕਰ ਦਿੱਤਾ ਹੈ।
■ ਮੈਂ ਸਤਨਾਮ ਸਿੰਘ ਪੁੱਤਰ ਸ. ਮੱਘਰ ਸਿੰਘ ਨੇ ਆਪਣੇ ਪੁੱਤਰ ਨੂੰ ਬੇਦਖਲ ਕਰ ਦਿੱਤਾ ਹੈ। ਸਬੰਧਤ ਨੋਟ ਕਰਨ।
ਬੇਦਖਲੀ ਰੱਦ
■ ਮੈਂ ਮਨਵਿੰਦਰ ਸਿੰਘ ਪੁੱਤਰ ਸ. ਦਰਸ਼ਨ ਸਿੰਘ ਵਾਸੀ ਪਿੰਡ ਮਾਣਕੀ ਨੇ ਆਪਣੇ ਪੁੱਤਰ ਨੂੰ ਕੀਤੀ ਬੇਦਖਲੀ ਰੱਦ ਕਰ ਦਿੱਤੀ ਹੈ। ਸਬੰਧਤ ਨੋਟ ਕਰਨ।
ਟਿਊਸ਼ਨ ਯੂਨਿਵਰਸ਼ਨ ਨਾਂਅ ਦੀ ਬਦਲੀ
■ ਇਸ ਦਸਤਾਵੇਜ਼ ਬੇਦਖਲ ਕਰਾਵਾਂ ਪੰਜਾਬ ਸੂਚਨਾ ਅਦਾਰਿਆਂ ਵੱਲੋਂ ਜਾਰੀ ਕੀਤੇ ਨੋਟਿਸਾਂ ਅਨੁਸਾਰ ਆਮ ਜਨਤਾ ਨੂੰ ਸੂਚਿਤ ਕੀਤਾ ਜਾਂਦਾ ਹੈ ਕਿ ਸਬੰਧਤ ਧਿਰਾਂ ਨੋਟ ਕਰਨ।
C K	C K
